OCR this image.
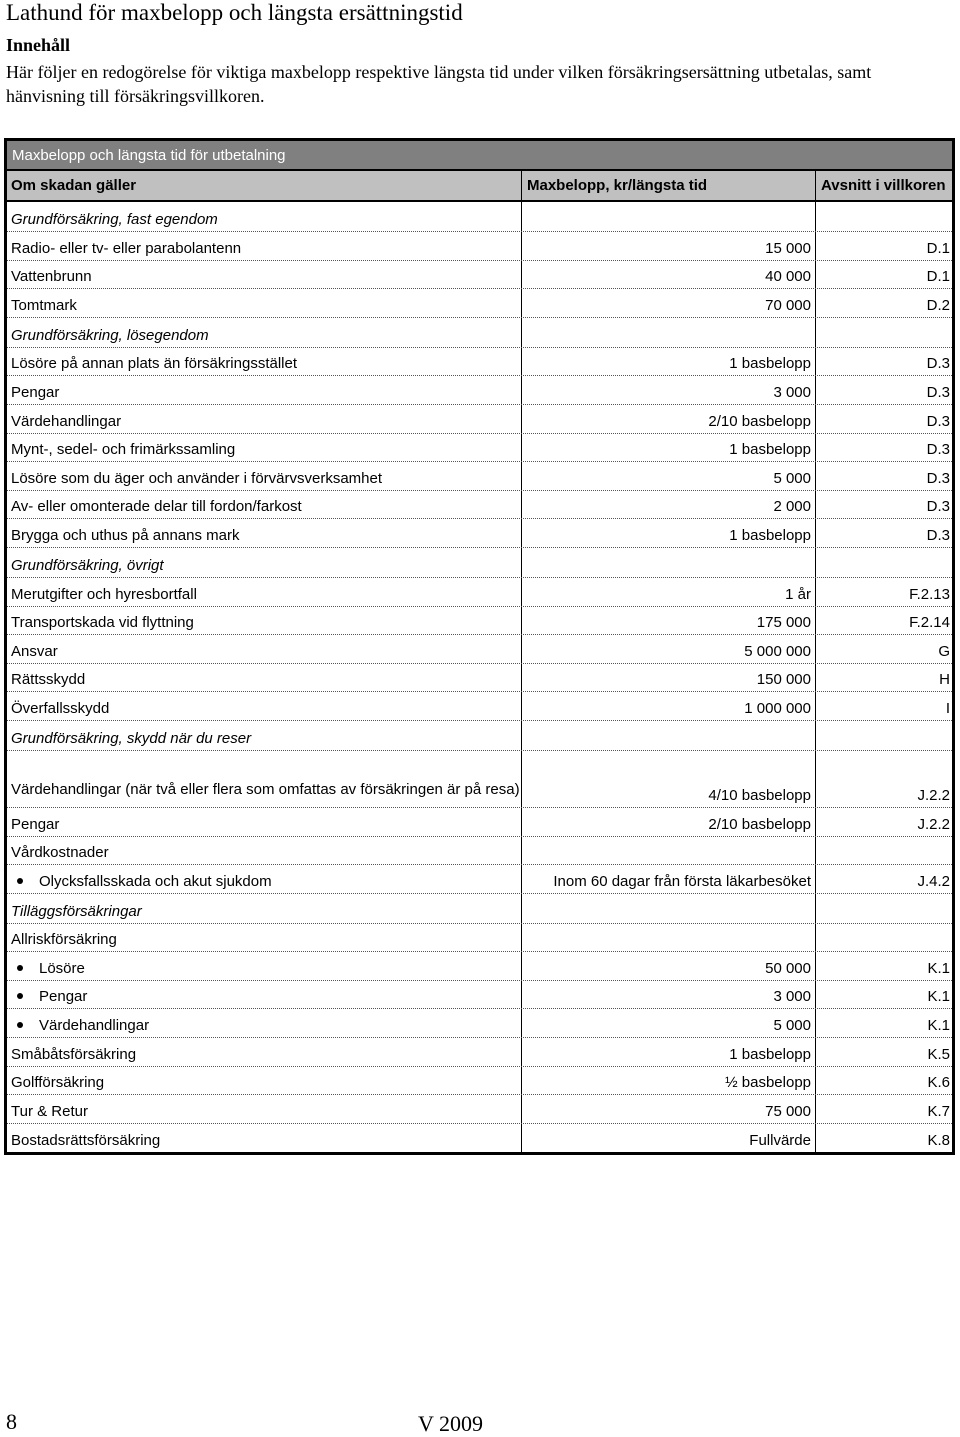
Lathund för maxbelopp och längsta ersättningstid
Innehåll
Här följer en redogörelse för viktiga maxbelopp respektive längsta tid under vilken försäkringsersättning utbetalas, samt hänvisning till försäkringsvillkoren.
Maxbelopp och längsta tid för utbetalning
Om skadan gäller	Maxbelopp, kr/längsta tid	Avsnitt i villkoren
Grundförsäkring, fast egendom
Radio- eller tv- eller parabolantenn	15 000	D.1
Vattenbrunn	40 000	D.1
Tomtmark	70 000	D.2
Grundförsäkring, lösegendom
Lösöre på annan plats än försäkringsstället	1 basbelopp	D.3
Pengar	3 000	D.3
Värdehandlingar	2/10 basbelopp	D.3
Mynt-, sedel- och frimärkssamling	1 basbelopp	D.3
Lösöre som du äger och använder i förvärvsverksamhet	5 000	D.3
Av- eller omonterade delar till fordon/farkost	2 000	D.3
Brygga och uthus på annans mark	1 basbelopp	D.3
Grundförsäkring, övrigt
Merutgifter och hyresbortfall	1 år	F.2.13
Transportskada vid flyttning	175 000	F.2.14
Ansvar	5 000 000	G
Rättsskydd	150 000	H
Överfallsskydd	1 000 000	I
Grundförsäkring, skydd när du reser
Värdehandlingar (när två eller flera som omfattas av försäkringen är på resa)	4/10 basbelopp	J.2.2
Pengar	2/10 basbelopp	J.2.2
Vårdkostnader
Olycksfallsskada och akut sjukdom	Inom 60 dagar från första läkarbesöket	J.4.2
Tilläggsförsäkringar
Allriskförsäkring
Lösöre	50 000	K.1
Pengar	3 000	K.1
Värdehandlingar	5 000	K.1
Småbåtsförsäkring	1 basbelopp	K.5
Golfförsäkring	½ basbelopp	K.6
Tur & Retur	75 000	K.7
Bostadsrättsförsäkring	Fullvärde	K.8
8	V 2009
